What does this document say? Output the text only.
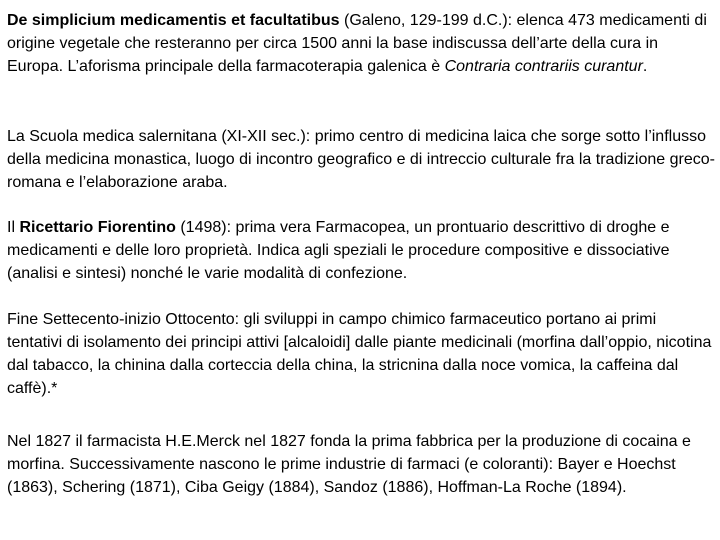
De simplicium medicamentis et facultatibus (Galeno, 129-199 d.C.): elenca 473 medicamenti di origine vegetale che resteranno per circa 1500 anni la base indiscussa dell’arte della cura in Europa. L’aforisma principale della farmacoterapia galenica è Contraria contrariis curantur.

La Scuola medica salernitana (XI-XII sec.): primo centro di medicina laica che sorge sotto l’influsso della medicina monastica, luogo di incontro geografico e di intreccio culturale fra la tradizione greco-romana e l’elaborazione araba.

Il Ricettario Fiorentino (1498): prima vera Farmacopea, un prontuario descrittivo di droghe e medicamenti e delle loro proprietà. Indica agli speziali le procedure compositive e dissociative (analisi e sintesi) nonché le varie modalità di confezione.

Fine Settecento-inizio Ottocento: gli sviluppi in campo chimico farmaceutico portano ai primi tentativi di isolamento dei principi attivi [alcaloidi] dalle piante medicinali (morfina dall’oppio, nicotina dal tabacco, la chinina dalla corteccia della china, la stricnina dalla noce vomica, la caffeina dal caffè).*

Nel 1827 il farmacista H.E.Merck nel 1827 fonda la prima fabbrica per la produzione di cocaina e morfina. Successivamente nascono le prime industrie di farmaci (e coloranti): Bayer e Hoechst (1863), Schering (1871), Ciba Geigy (1884), Sandoz (1886), Hoffman-La Roche (1894).
